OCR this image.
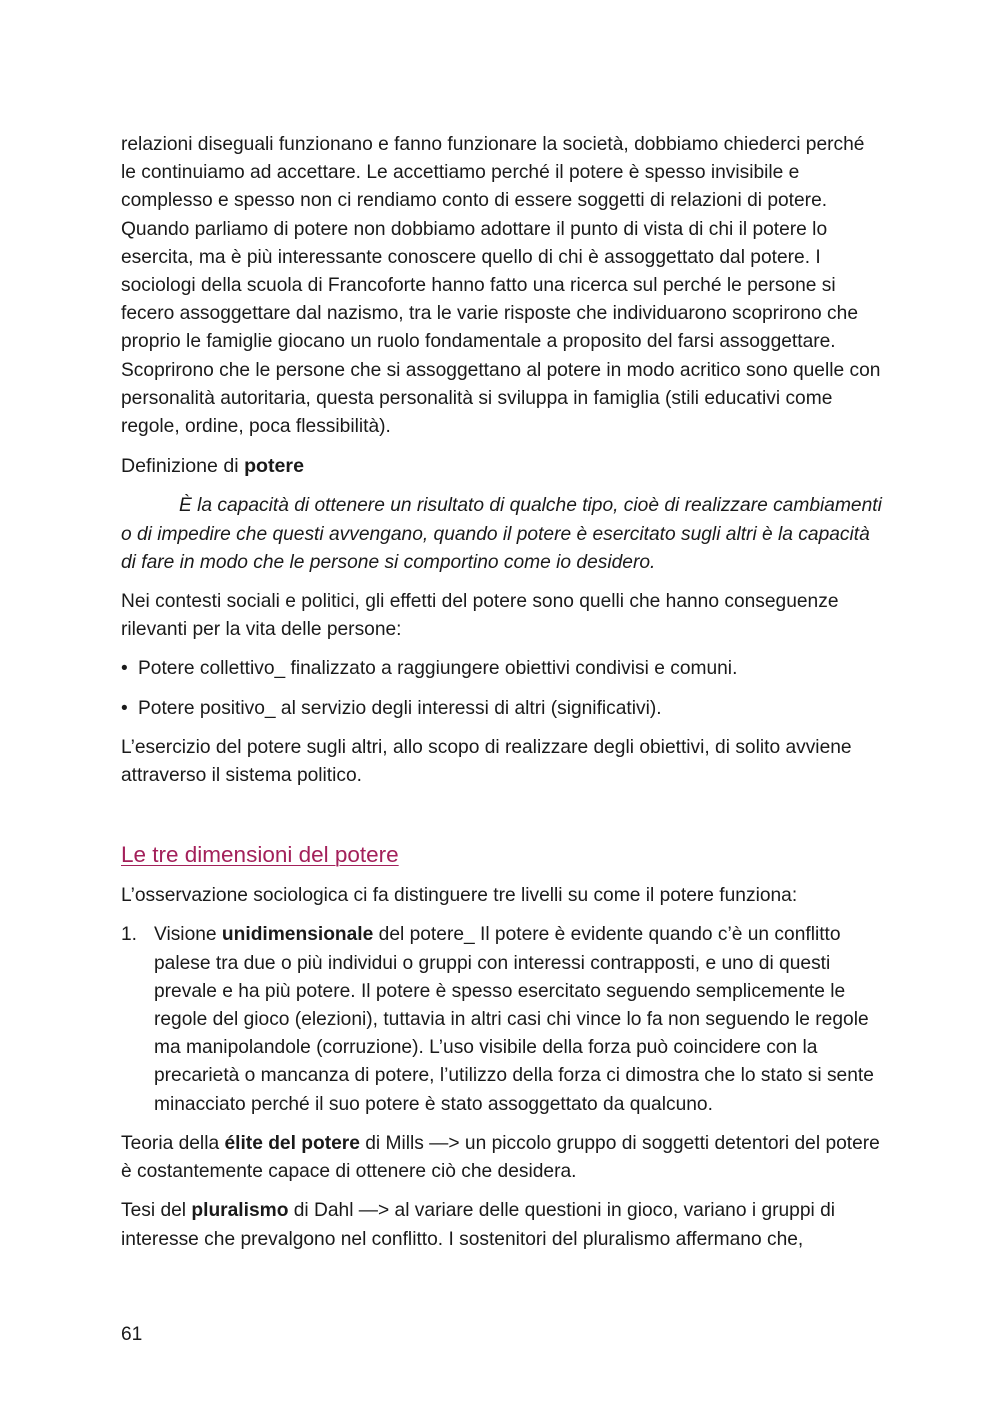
relazioni diseguali funzionano e fanno funzionare la società, dobbiamo chiederci perché le continuiamo ad accettare. Le accettiamo perché il potere è spesso invisibile e complesso e spesso non ci rendiamo conto di essere soggetti di relazioni di potere. Quando parliamo di potere non dobbiamo adottare il punto di vista di chi il potere lo esercita, ma è più interessante conoscere quello di chi è assoggettato dal potere. I sociologi della scuola di Francoforte hanno fatto una ricerca sul perché le persone si fecero assoggettare dal nazismo, tra le varie risposte che individuarono scoprirono che proprio le famiglie giocano un ruolo fondamentale a proposito del farsi assoggettare. Scoprirono che le persone che si assoggettano al potere in modo acritico sono quelle con personalità autoritaria, questa personalità si sviluppa in famiglia (stili educativi come regole, ordine, poca flessibilità).

Definizione di potere

È la capacità di ottenere un risultato di qualche tipo, cioè di realizzare cambiamenti o di impedire che questi avvengano, quando il potere è esercitato sugli altri è la capacità di fare in modo che le persone si comportino come io desidero.

Nei contesti sociali e politici, gli effetti del potere sono quelli che hanno conseguenze rilevanti per la vita delle persone:

• Potere collettivo_ finalizzato a raggiungere obiettivi condivisi e comuni.
• Potere positivo_ al servizio degli interessi di altri (significativi).

L’esercizio del potere sugli altri, allo scopo di realizzare degli obiettivi, di solito avviene attraverso il sistema politico.

Le tre dimensioni del potere

L’osservazione sociologica ci fa distinguere tre livelli su come il potere funziona:

1. Visione unidimensionale del potere_ Il potere è evidente quando c’è un conflitto palese tra due o più individui o gruppi con interessi contrapposti, e uno di questi prevale e ha più potere. Il potere è spesso esercitato seguendo semplicemente le regole del gioco (elezioni), tuttavia in altri casi chi vince lo fa non seguendo le regole ma manipolandole (corruzione). L’uso visibile della forza può coincidere con la precarietà o mancanza di potere, l’utilizzo della forza ci dimostra che lo stato si sente minacciato perché il suo potere è stato assoggettato da qualcuno.

Teoria della élite del potere di Mills —> un piccolo gruppo di soggetti detentori del potere è costantemente capace di ottenere ciò che desidera.

Tesi del pluralismo di Dahl —> al variare delle questioni in gioco, variano i gruppi di interesse che prevalgono nel conflitto. I sostenitori del pluralismo affermano che,

61
